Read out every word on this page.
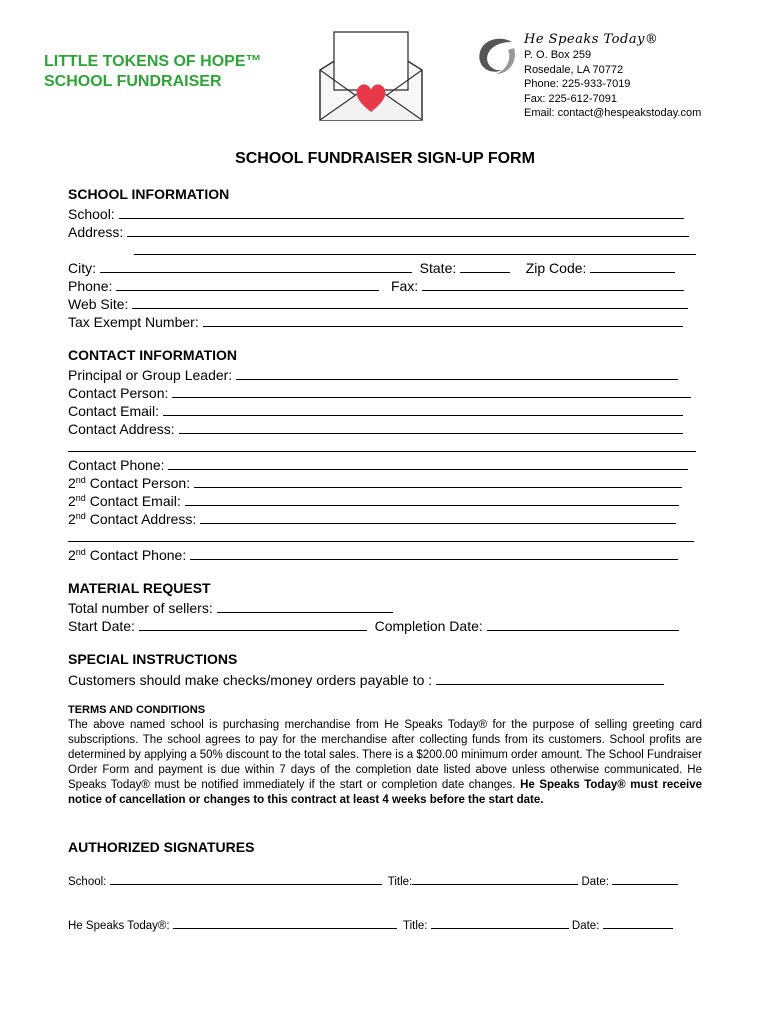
LITTLE TOKENS OF HOPE™
SCHOOL FUNDRAISER
He Speaks Today®
P. O. Box 259
Rosedale, LA 70772
Phone: 225-933-7019
Fax: 225-612-7091
Email: contact@hespeakstoday.com
SCHOOL FUNDRAISER SIGN-UP FORM
SCHOOL INFORMATION
School:
Address:
City:	State:	Zip Code:
Phone:	Fax:
Web Site:
Tax Exempt Number:
CONTACT INFORMATION
Principal or Group Leader:
Contact Person:
Contact Email:
Contact Address:
Contact Phone:
2nd Contact Person:
2nd Contact Email:
2nd Contact Address:
2nd Contact Phone:
MATERIAL REQUEST
Total number of sellers:
Start Date:	Completion Date:
SPECIAL INSTRUCTIONS
Customers should make checks/money orders payable to :
TERMS AND CONDITIONS
The above named school is purchasing merchandise from He Speaks Today® for the purpose of selling greeting card subscriptions. The school agrees to pay for the merchandise after collecting funds from its customers. School profits are determined by applying a 50% discount to the total sales. There is a $200.00 minimum order amount. The School Fundraiser Order Form and payment is due within 7 days of the completion date listed above unless otherwise communicated. He Speaks Today® must be notified immediately if the start or completion date changes. He Speaks Today® must receive notice of cancellation or changes to this contract at least 4 weeks before the start date.
AUTHORIZED SIGNATURES
School:	Title:	Date:
He Speaks Today®:	Title:	Date:
